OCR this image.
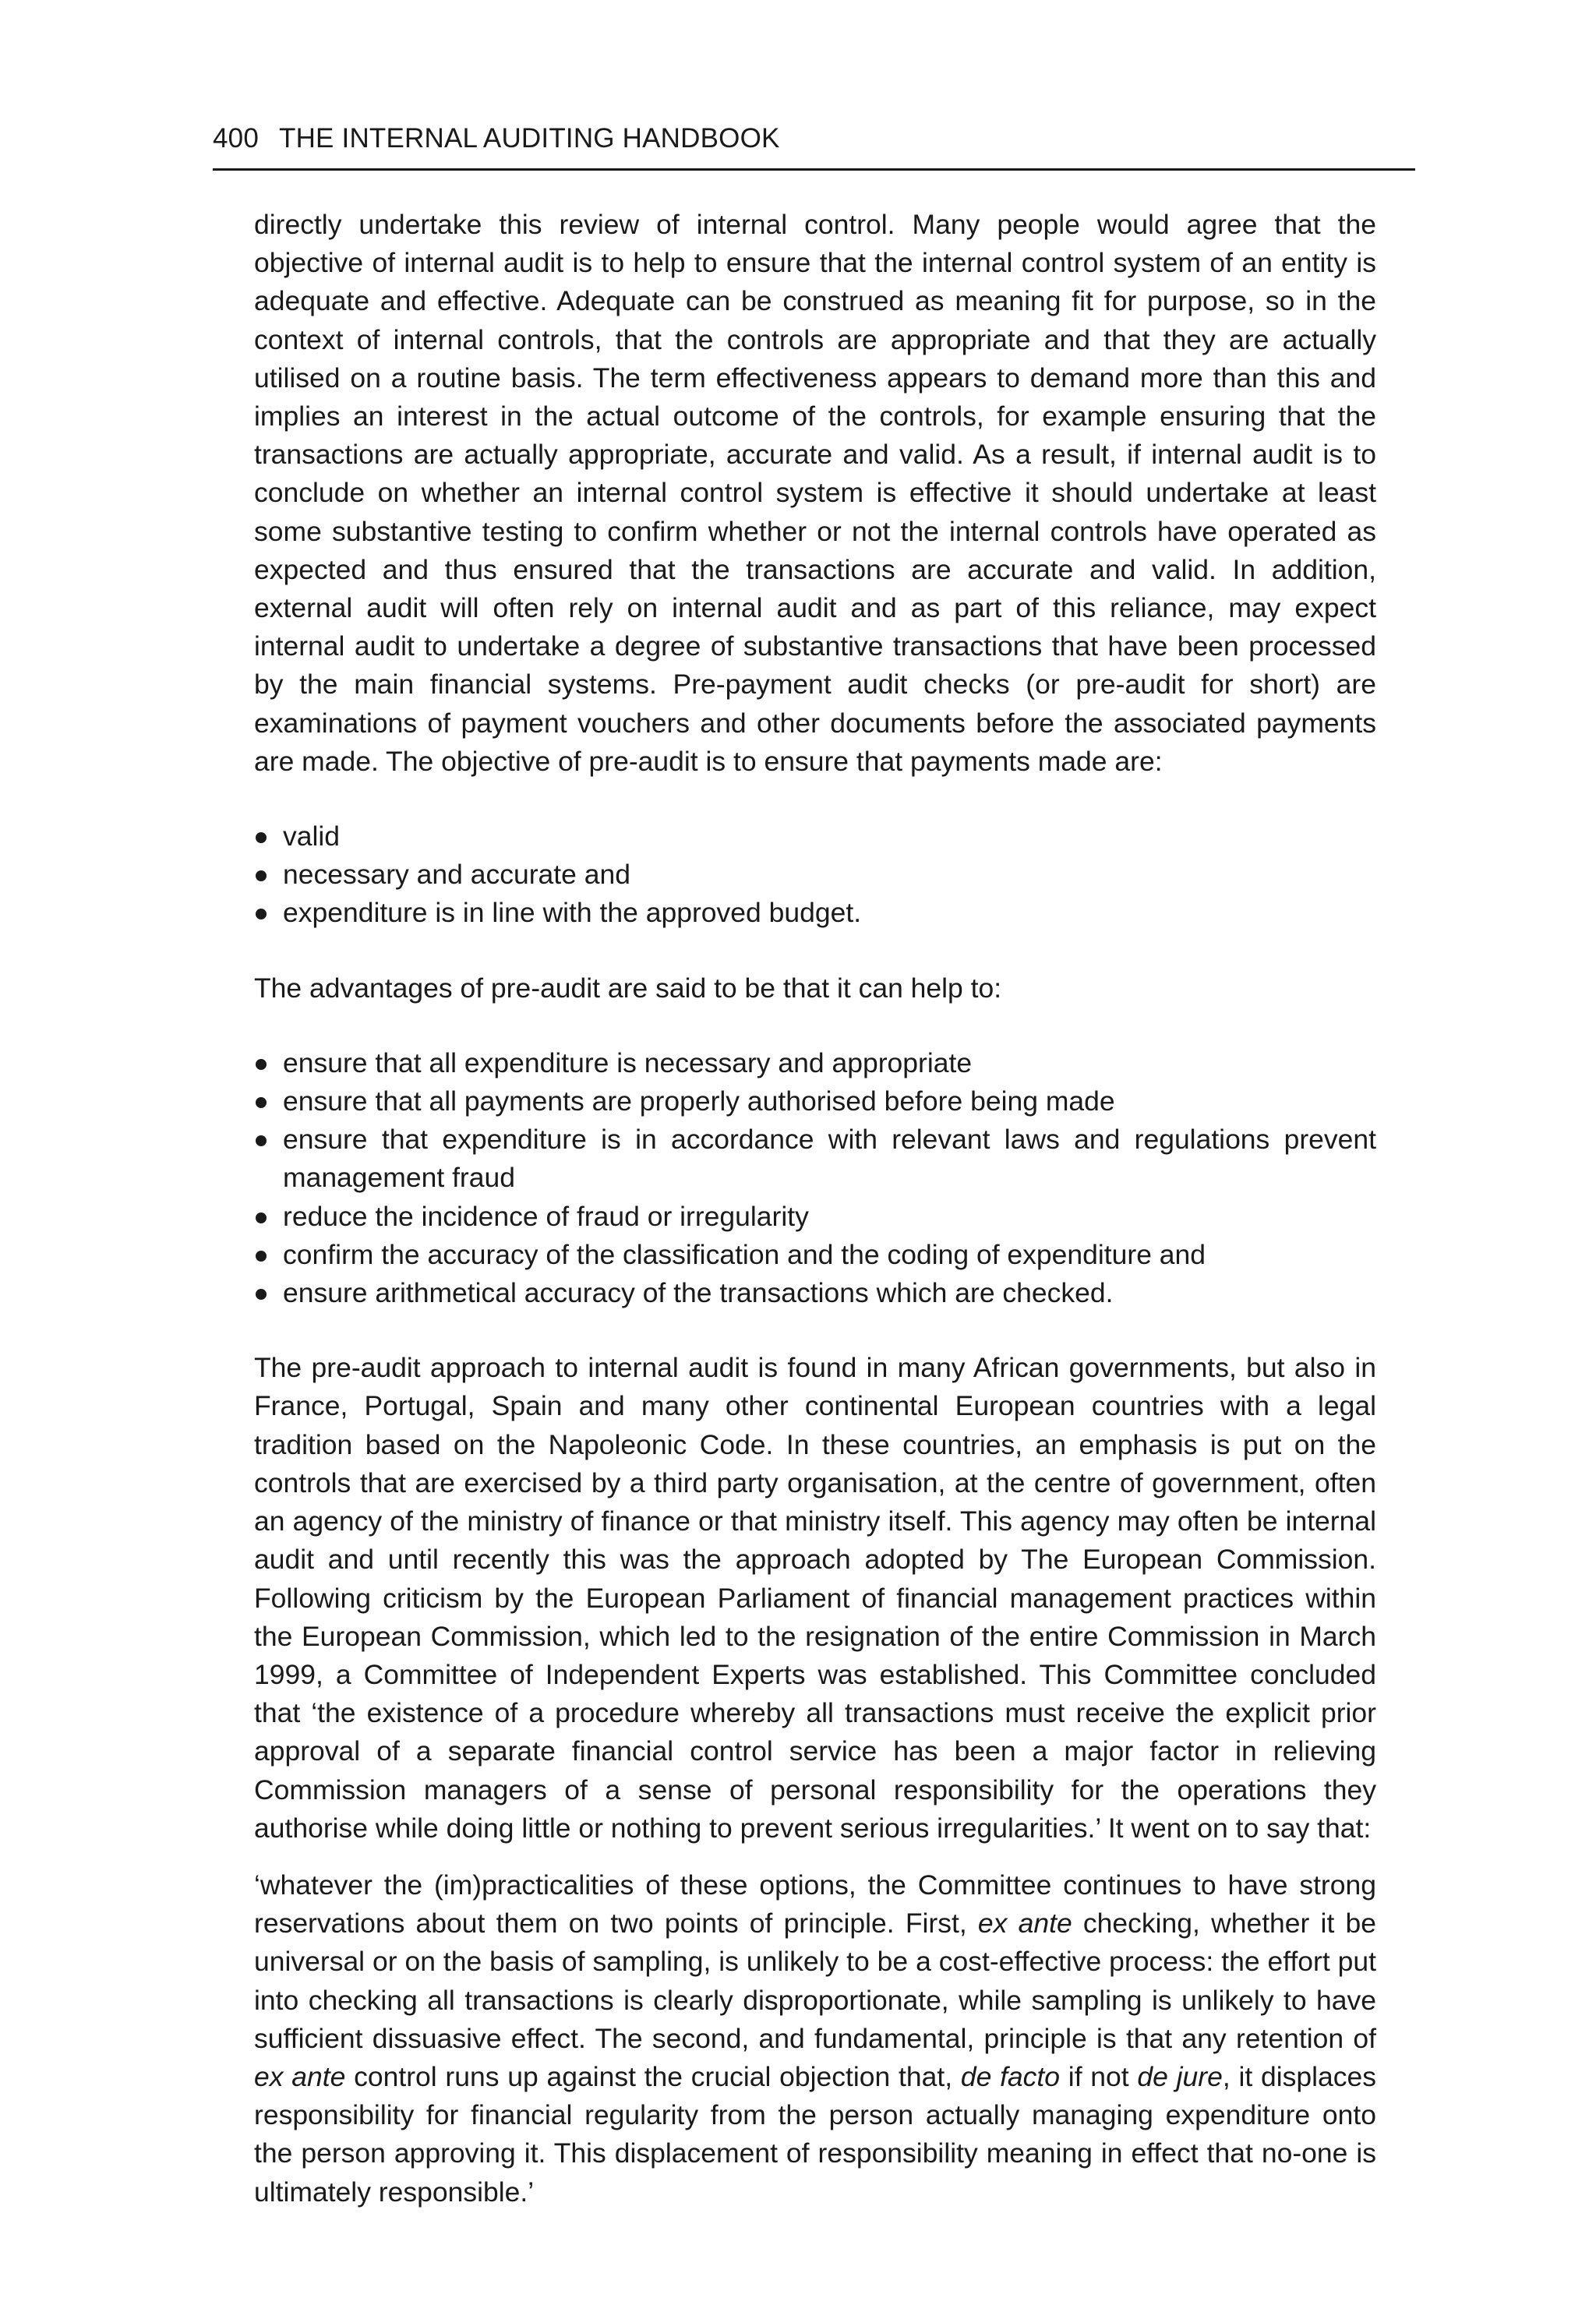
400 THE INTERNAL AUDITING HANDBOOK

directly undertake this review of internal control. Many people would agree that the objective of internal audit is to help to ensure that the internal control system of an entity is adequate and effective. Adequate can be construed as meaning fit for purpose, so in the context of internal controls, that the controls are appropriate and that they are actually utilised on a routine basis. The term effectiveness appears to demand more than this and implies an interest in the actual outcome of the controls, for example ensuring that the transactions are actually appropriate, accurate and valid. As a result, if internal audit is to conclude on whether an internal control system is effective it should undertake at least some substantive testing to confirm whether or not the internal controls have operated as expected and thus ensured that the transactions are accurate and valid. In addition, external audit will often rely on internal audit and as part of this reliance, may expect internal audit to undertake a degree of substantive transactions that have been processed by the main financial systems. Pre-payment audit checks (or pre-audit for short) are examinations of payment vouchers and other documents before the associated payments are made. The objective of pre-audit is to ensure that payments made are:

valid
necessary and accurate and
expenditure is in line with the approved budget.

The advantages of pre-audit are said to be that it can help to:

ensure that all expenditure is necessary and appropriate
ensure that all payments are properly authorised before being made
ensure that expenditure is in accordance with relevant laws and regulations prevent management fraud
reduce the incidence of fraud or irregularity
confirm the accuracy of the classification and the coding of expenditure and
ensure arithmetical accuracy of the transactions which are checked.

The pre-audit approach to internal audit is found in many African governments, but also in France, Portugal, Spain and many other continental European countries with a legal tradition based on the Napoleonic Code. In these countries, an emphasis is put on the controls that are exercised by a third party organisation, at the centre of government, often an agency of the ministry of finance or that ministry itself. This agency may often be internal audit and until recently this was the approach adopted by The European Commission. Following criticism by the European Parliament of financial management practices within the European Commission, which led to the resignation of the entire Commission in March 1999, a Committee of Independent Experts was established. This Committee concluded that ‘the existence of a procedure whereby all transactions must receive the explicit prior approval of a separate financial control service has been a major factor in relieving Commission managers of a sense of personal responsibility for the operations they authorise while doing little or nothing to prevent serious irregularities.’ It went on to say that:

‘whatever the (im)practicalities of these options, the Committee continues to have strong reservations about them on two points of principle. First, ex ante checking, whether it be universal or on the basis of sampling, is unlikely to be a cost-effective process: the effort put into checking all transactions is clearly disproportionate, while sampling is unlikely to have sufficient dissuasive effect. The second, and fundamental, principle is that any retention of ex ante control runs up against the crucial objection that, de facto if not de jure, it displaces responsibility for financial regularity from the person actually managing expenditure onto the person approving it. This displacement of responsibility meaning in effect that no-one is ultimately responsible.’
